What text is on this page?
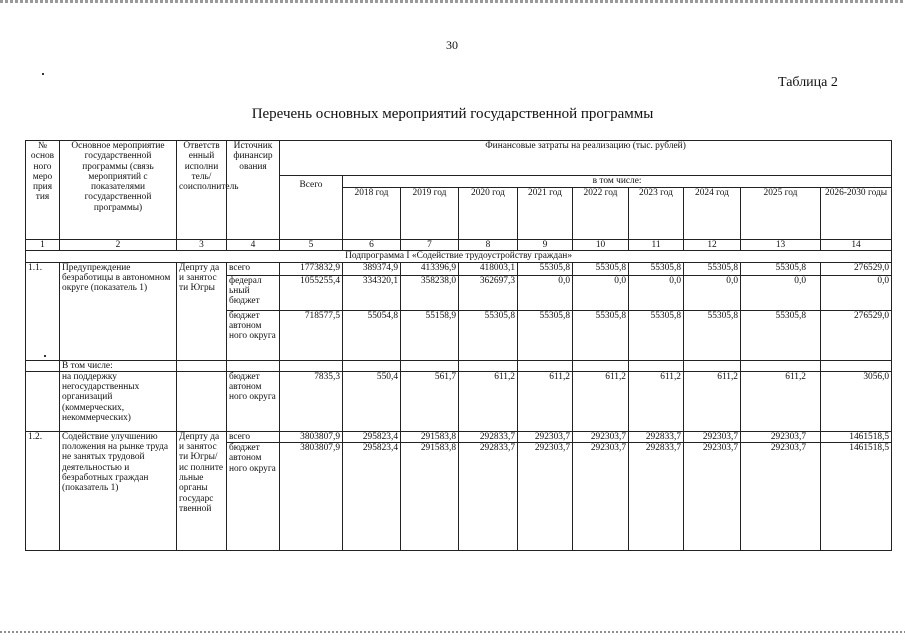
30
Таблица 2
Перечень основных мероприятий государственной программы
№ основ ного меро прия тия	Основное мероприятие государственной программы (связь мероприятий с показателями государственной программы)	Ответств енный исполни тель/ соисполнитель	Источник финансир ования	Финансовые затраты на реализацию (тыс. рублей)									
				Всего	в том числе:								
					2018 год	2019 год	2020 год	2021 год	2022 год	2023 год	2024 год	2025 год	2026-2030 годы
1	2	3	4	5	6	7	8	9	10	11	12	13	14
Подпрограмма I «Содействие трудоустройству граждан»													
1.1.	Предупреждение безработицы в автономном округе (показатель 1)	Депрту да и занятос ти Югры	всего	1773832,9	389374,9	413396,9	418003,1	55305,8	55305,8	55305,8	55305,8	55305,8	276529,0
			федерал ьный бюджет	1055255,4	334320,1	358238,0	362697,3	0,0	0,0	0,0	0,0	0,0	0,0
			бюджет автоном ного округа	718577,5	55054,8	55158,9	55305,8	55305,8	55305,8	55305,8	55305,8	55305,8	276529,0
	В том числе:												
	на поддержку негосударственных организаций (коммерческих, некоммерческих)		бюджет автоном ного округа	7835,3	550,4	561,7	611,2	611,2	611,2	611,2	611,2	611,2	3056,0
1.2.	Содействие улучшению положения на рынке труда не занятых трудовой деятельностью и безработных граждан (показатель 1)	Депрту да и занятос ти Югры/ис полните льные органы государс твенной	всего	3803807,9	295823,4	291583,8	292833,7	292303,7	292303,7	292833,7	292303,7	292303,7	1461518,5
			бюджет автоном ного округа	3803807,9	295823,4	291583,8	292833,7	292303,7	292303,7	292833,7	292303,7	292303,7	1461518,5
